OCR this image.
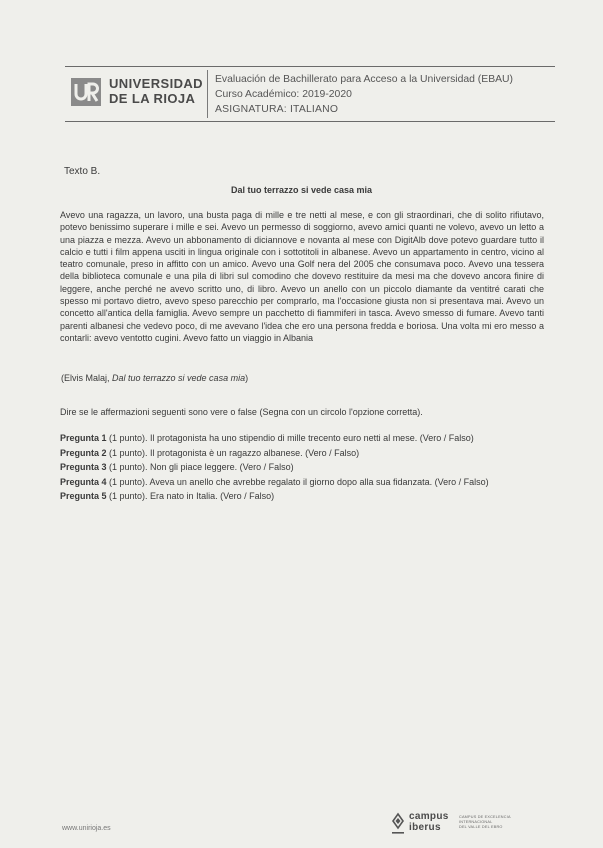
UNIVERSIDAD
DE LA RIOJA
Evaluación de Bachillerato para Acceso a la Universidad (EBAU)
Curso Académico: 2019-2020
ASIGNATURA: ITALIANO
Texto B.
Dal tuo terrazzo si vede casa mia
Avevo una ragazza, un lavoro, una busta paga di mille e tre netti al mese, e con gli straordinari, che di solito rifiutavo, potevo benissimo superare i mille e sei. Avevo un permesso di soggiorno, avevo amici quanti ne volevo, avevo un letto a una piazza e mezza. Avevo un abbonamento di diciannove e novanta al mese con DigitAlb dove potevo guardare tutto il calcio e tutti i film appena usciti in lingua originale con i sottotitoli in albanese. Avevo un appartamento in centro, vicino al teatro comunale, preso in affitto con un amico. Avevo una Golf nera del 2005 che consumava poco. Avevo una tessera della biblioteca comunale e una pila di libri sul comodino che dovevo restituire da mesi ma che dovevo ancora finire di leggere, anche perché ne avevo scritto uno, di libro. Avevo un anello con un piccolo diamante da ventitré carati che spesso mi portavo dietro, avevo speso parecchio per comprarlo, ma l'occasione giusta non si presentava mai. Avevo un concetto all'antica della famiglia. Avevo sempre un pacchetto di fiammiferi in tasca. Avevo smesso di fumare. Avevo tanti parenti albanesi che vedevo poco, di me avevano l'idea che ero una persona fredda e boriosa. Una volta mi ero messo a contarli: avevo ventotto cugini. Avevo fatto un viaggio in Albania
(Elvis Malaj, Dal tuo terrazzo si vede casa mia)
Dire se le affermazioni seguenti sono vere o false (Segna con un circolo l'opzione corretta).
Pregunta 1 (1 punto). Il protagonista ha uno stipendio di mille trecento euro netti al mese. (Vero / Falso)
Pregunta 2 (1 punto). Il protagonista è un ragazzo albanese. (Vero / Falso)
Pregunta 3 (1 punto). Non gli piace leggere. (Vero / Falso)
Pregunta 4 (1 punto). Aveva un anello che avrebbe regalato il giorno dopo alla sua fidanzata. (Vero / Falso)
Pregunta 5 (1 punto). Era nato in Italia. (Vero / Falso)
www.unirioja.es
campus
iberus
CAMPUS DE EXCELENCIA
INTERNACIONAL
DEL VALLE DEL EBRO
